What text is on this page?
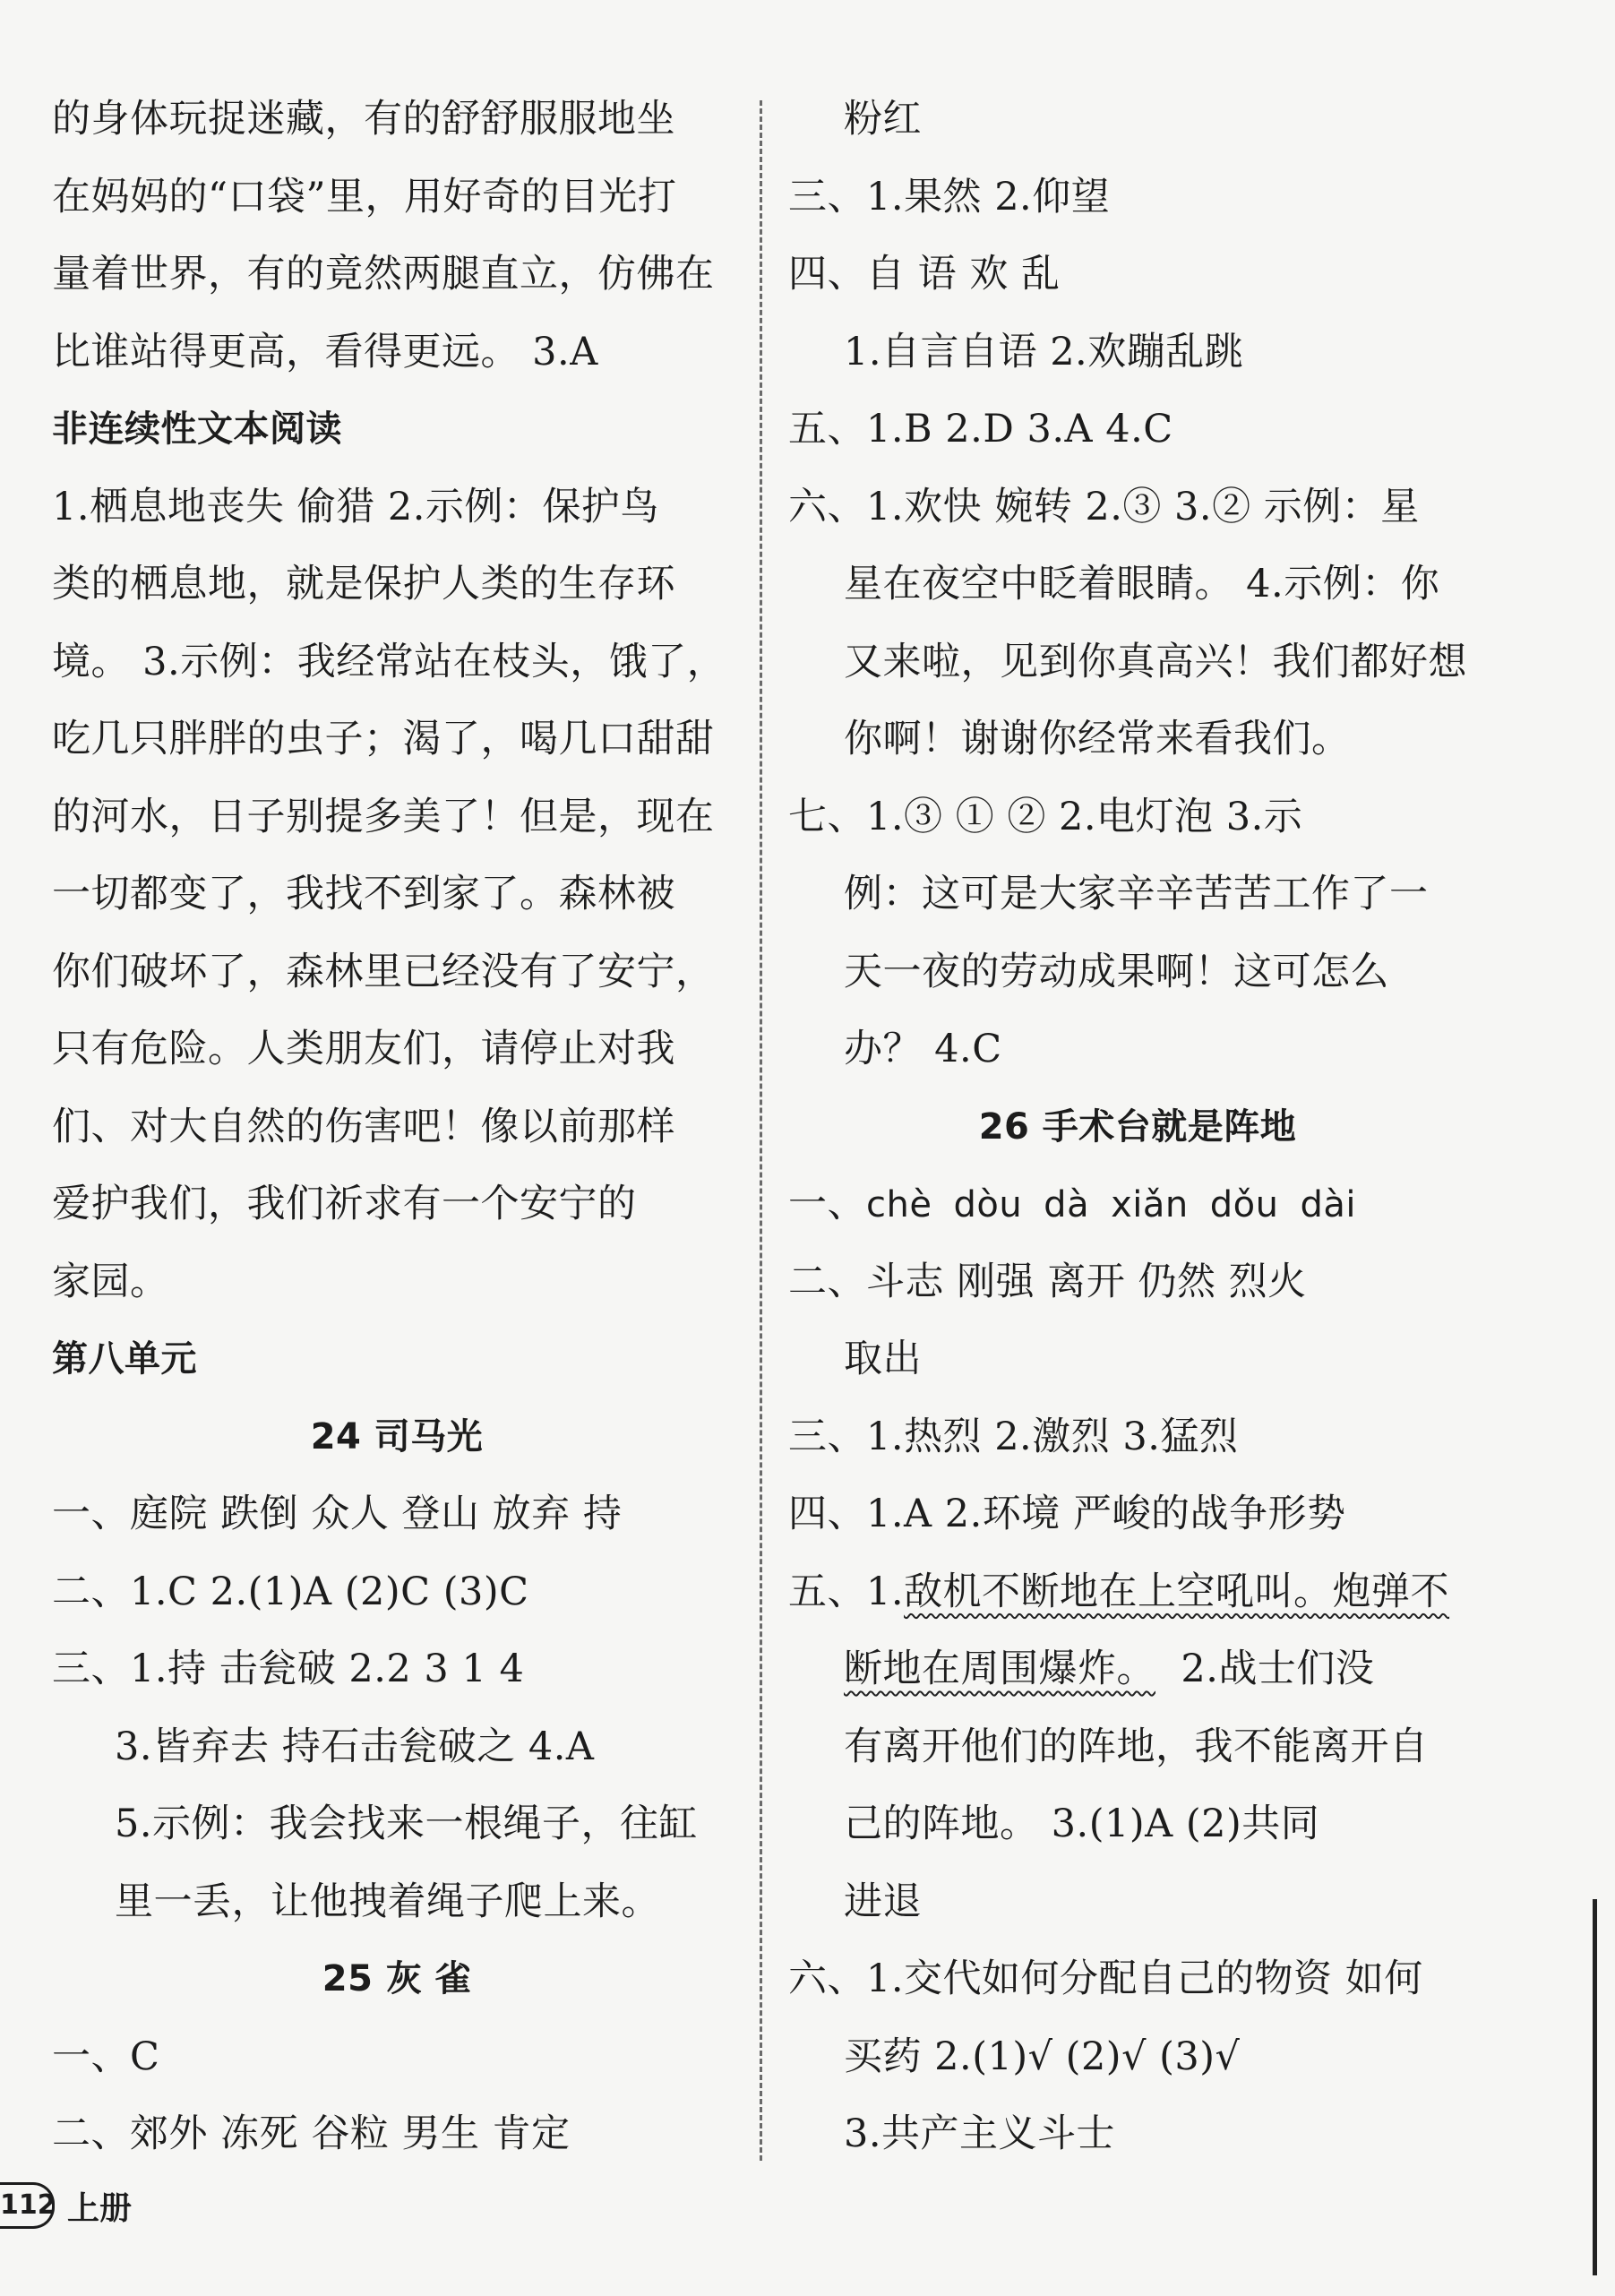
的身体玩捉迷藏，有的舒舒服服地坐
在妈妈的“口袋”里，用好奇的目光打
量着世界，有的竟然两腿直立，仿佛在
比谁站得更高，看得更远。 3.A
非连续性文本阅读
1.栖息地丧失 偷猎 2.示例：保护鸟
类的栖息地，就是保护人类的生存环
境。 3.示例：我经常站在枝头，饿了，
吃几只胖胖的虫子；渴了，喝几口甜甜
的河水，日子别提多美了！但是，现在
一切都变了，我找不到家了。森林被
你们破坏了，森林里已经没有了安宁，
只有危险。人类朋友们，请停止对我
们、对大自然的伤害吧！像以前那样
爱护我们，我们祈求有一个安宁的
家园。
第八单元
24 司马光
一、庭院 跌倒 众人 登山 放弃 持
二、1.C 2.(1)A (2)C (3)C
三、1.持 击瓮破 2.2 3 1 4
3.皆弃去 持石击瓮破之 4.A
5.示例：我会找来一根绳子，往缸
里一丢，让他拽着绳子爬上来。
25 灰 雀
一、C
二、郊外 冻死 谷粒 男生 肯定
粉红
三、1.果然 2.仰望
四、自 语 欢 乱
1.自言自语 2.欢蹦乱跳
五、1.B 2.D 3.A 4.C
六、1.欢快 婉转 2.③ 3.② 示例：星
星在夜空中眨着眼睛。 4.示例：你
又来啦，见到你真高兴！我们都好想
你啊！谢谢你经常来看我们。
七、1.③ ① ② 2.电灯泡 3.示
例：这可是大家辛辛苦苦工作了一
天一夜的劳动成果啊！这可怎么
办？ 4.C
26 手术台就是阵地
一、chè dòu dà xiǎn dǒu dài
二、斗志 刚强 离开 仍然 烈火
取出
三、1.热烈 2.激烈 3.猛烈
四、1.A 2.环境 严峻的战争形势
五、1.敌机不断地在上空吼叫。炮弹不
断地在周围爆炸。  2.战士们没
有离开他们的阵地，我不能离开自
己的阵地。 3.(1)A (2)共同
进退
六、1.交代如何分配自己的物资 如何
买药 2.(1)√ (2)√ (3)√
3.共产主义斗士
112 上册
